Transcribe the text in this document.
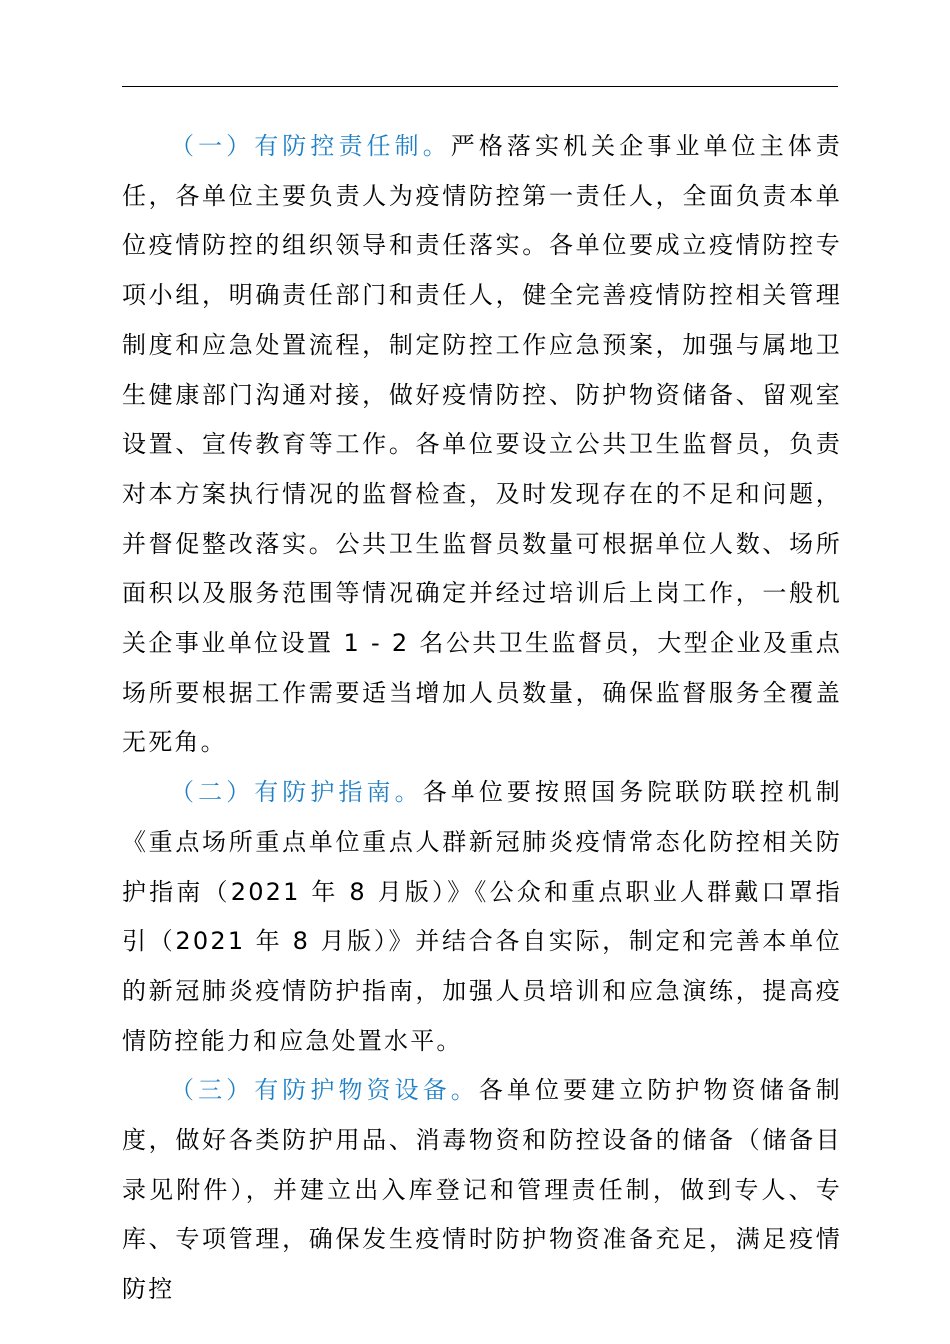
（一）有防控责任制。严格落实机关企事业单位主体责任，各单位主要负责人为疫情防控第一责任人，全面负责本单位疫情防控的组织领导和责任落实。各单位要成立疫情防控专项小组，明确责任部门和责任人，健全完善疫情防控相关管理制度和应急处置流程，制定防控工作应急预案，加强与属地卫生健康部门沟通对接，做好疫情防控、防护物资储备、留观室设置、宣传教育等工作。各单位要设立公共卫生监督员，负责对本方案执行情况的监督检查，及时发现存在的不足和问题，并督促整改落实。公共卫生监督员数量可根据单位人数、场所面积以及服务范围等情况确定并经过培训后上岗工作，一般机关企事业单位设置 1 - 2 名公共卫生监督员，大型企业及重点场所要根据工作需要适当增加人员数量，确保监督服务全覆盖无死角。

（二）有防护指南。各单位要按照国务院联防联控机制《重点场所重点单位重点人群新冠肺炎疫情常态化防控相关防护指南（2021 年 8 月版）》《公众和重点职业人群戴口罩指引（2021 年 8 月版）》并结合各自实际，制定和完善本单位的新冠肺炎疫情防护指南，加强人员培训和应急演练，提高疫情防控能力和应急处置水平。

（三）有防护物资设备。各单位要建立防护物资储备制度，做好各类防护用品、消毒物资和防控设备的储备（储备目录见附件），并建立出入库登记和管理责任制，做到专人、专库、专项管理，确保发生疫情时防护物资准备充足，满足疫情防控
